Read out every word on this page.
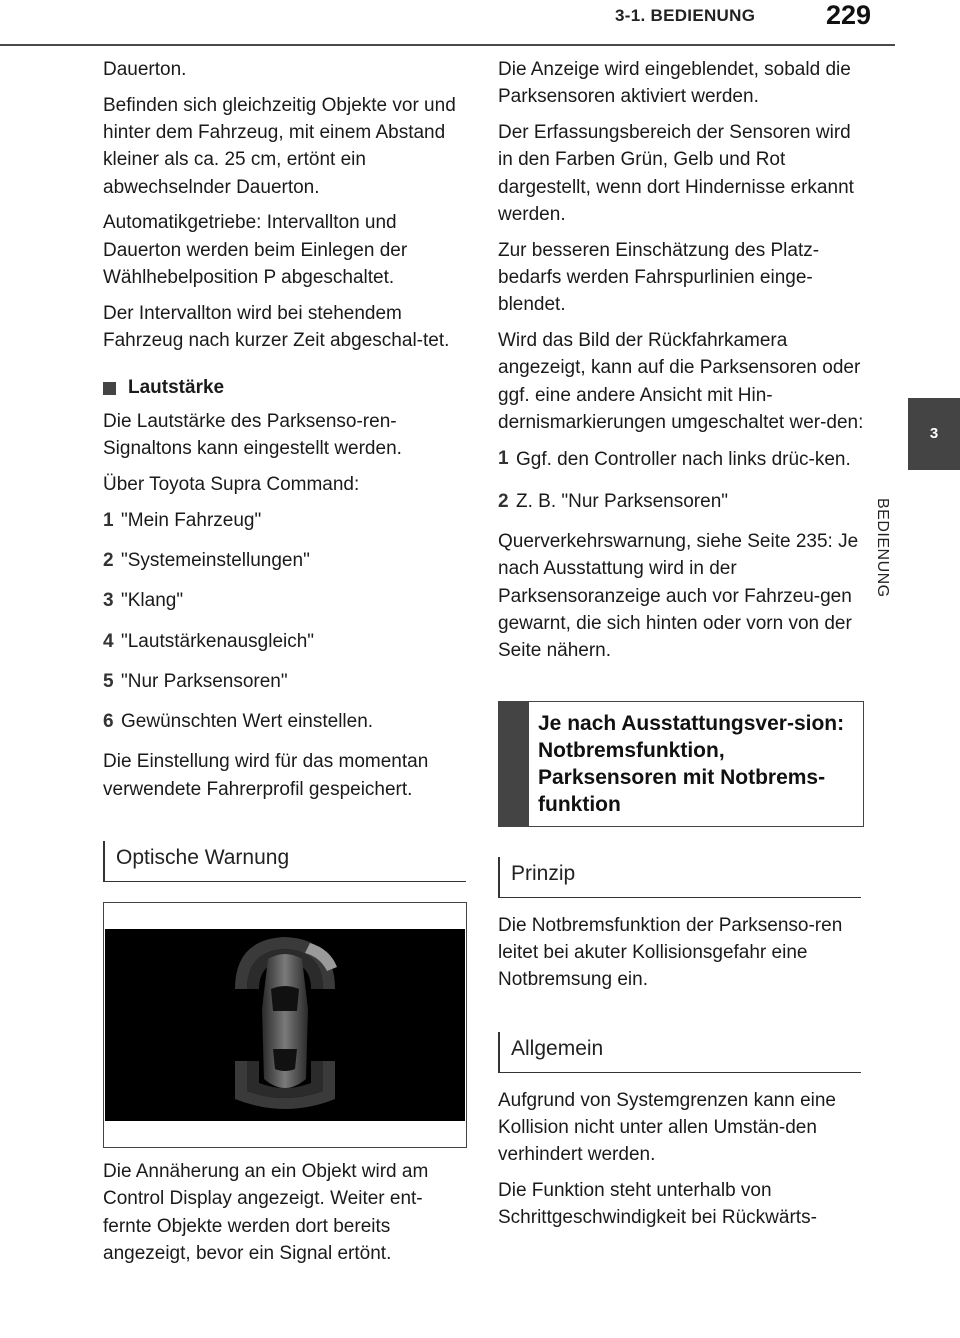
3-1. BEDIENUNG	229
3
BEDIENUNG

Dauerton.

Befinden sich gleichzeitig Objekte vor und hinter dem Fahrzeug, mit einem Abstand kleiner als ca. 25 cm, ertönt ein abwechselnder Dauerton.

Automatikgetriebe: Intervallton und Dauerton werden beim Einlegen der Wählhebelposition P abgeschaltet.

Der Intervallton wird bei stehendem Fahrzeug nach kurzer Zeit abgeschal-tet.

Lautstärke

Die Lautstärke des Parksenso-ren-Signaltons kann eingestellt werden.

Über Toyota Supra Command:

1 "Mein Fahrzeug"
2 "Systemeinstellungen"
3 "Klang"
4 "Lautstärkenausgleich"
5 "Nur Parksensoren"
6 Gewünschten Wert einstellen.

Die Einstellung wird für das momentan verwendete Fahrerprofil gespeichert.

Optische Warnung

Die Annäherung an ein Objekt wird am Control Display angezeigt. Weiter ent-fernte Objekte werden dort bereits angezeigt, bevor ein Signal ertönt.

Die Anzeige wird eingeblendet, sobald die Parksensoren aktiviert werden.

Der Erfassungsbereich der Sensoren wird in den Farben Grün, Gelb und Rot dargestellt, wenn dort Hindernisse erkannt werden.

Zur besseren Einschätzung des Platz-bedarfs werden Fahrspurlinien einge-blendet.

Wird das Bild der Rückfahrkamera angezeigt, kann auf die Parksensoren oder ggf. eine andere Ansicht mit Hin-dernismarkierungen umgeschaltet wer-den:

1 Ggf. den Controller nach links drüc-ken.
2 Z. B. "Nur Parksensoren"

Querverkehrswarnung, siehe Seite 235: Je nach Ausstattung wird in der Parksensoranzeige auch vor Fahrzeu-gen gewarnt, die sich hinten oder vorn von der Seite nähern.

Je nach Ausstattungsver-sion: Notbremsfunktion, Parksensoren mit Notbrems-funktion
Prinzip

Die Notbremsfunktion der Parksenso-ren leitet bei akuter Kollisionsgefahr eine Notbremsung ein.

Allgemein

Aufgrund von Systemgrenzen kann eine Kollision nicht unter allen Umstän-den verhindert werden.

Die Funktion steht unterhalb von Schrittgeschwindigkeit bei Rückwärts-
